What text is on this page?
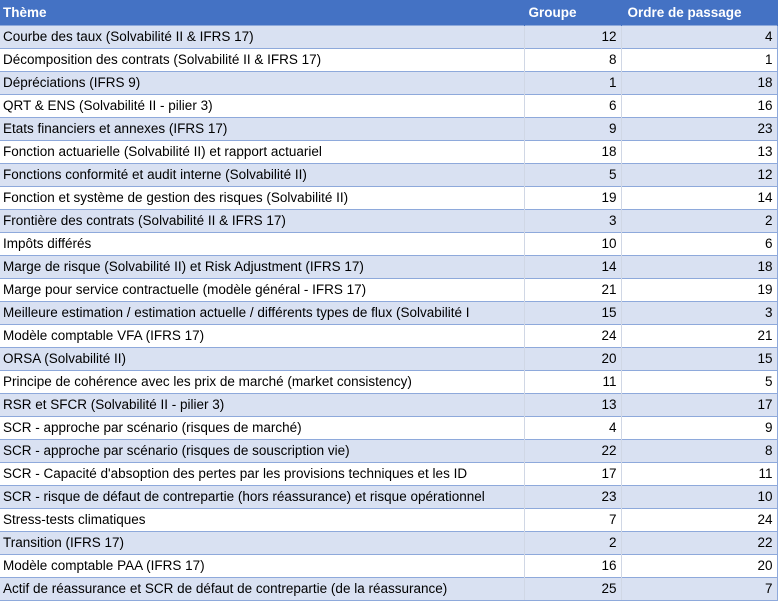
Thème	Groupe	Ordre de passage
Courbe des taux (Solvabilité II & IFRS 17)	12	4
Décomposition des contrats (Solvabilité II & IFRS 17)	8	1
Dépréciations (IFRS 9)	1	18
QRT & ENS (Solvabilité II - pilier 3)	6	16
Etats financiers et annexes (IFRS 17)	9	23
Fonction actuarielle (Solvabilité II) et rapport actuariel	18	13
Fonctions conformité et audit interne (Solvabilité II)	5	12
Fonction et système de gestion des risques (Solvabilité II)	19	14
Frontière des contrats (Solvabilité II & IFRS 17)	3	2
Impôts différés	10	6
Marge de risque (Solvabilité II) et Risk Adjustment (IFRS 17)	14	18
Marge pour service contractuelle (modèle général - IFRS 17)	21	19
Meilleure estimation / estimation actuelle / différents types de flux (Solvabilité I	15	3
Modèle comptable VFA (IFRS 17)	24	21
ORSA (Solvabilité II)	20	15
Principe de cohérence avec les prix de marché (market consistency)	11	5
RSR et SFCR (Solvabilité II - pilier 3)	13	17
SCR - approche par scénario (risques de marché)	4	9
SCR - approche par scénario (risques de souscription vie)	22	8
SCR - Capacité d'absoption des pertes par les provisions techniques et les ID	17	11
SCR - risque de défaut de contrepartie (hors réassurance) et risque opérationnel	23	10
Stress-tests climatiques	7	24
Transition (IFRS 17)	2	22
Modèle comptable PAA (IFRS 17)	16	20
Actif de réassurance et SCR de défaut de contrepartie (de la réassurance)	25	7
